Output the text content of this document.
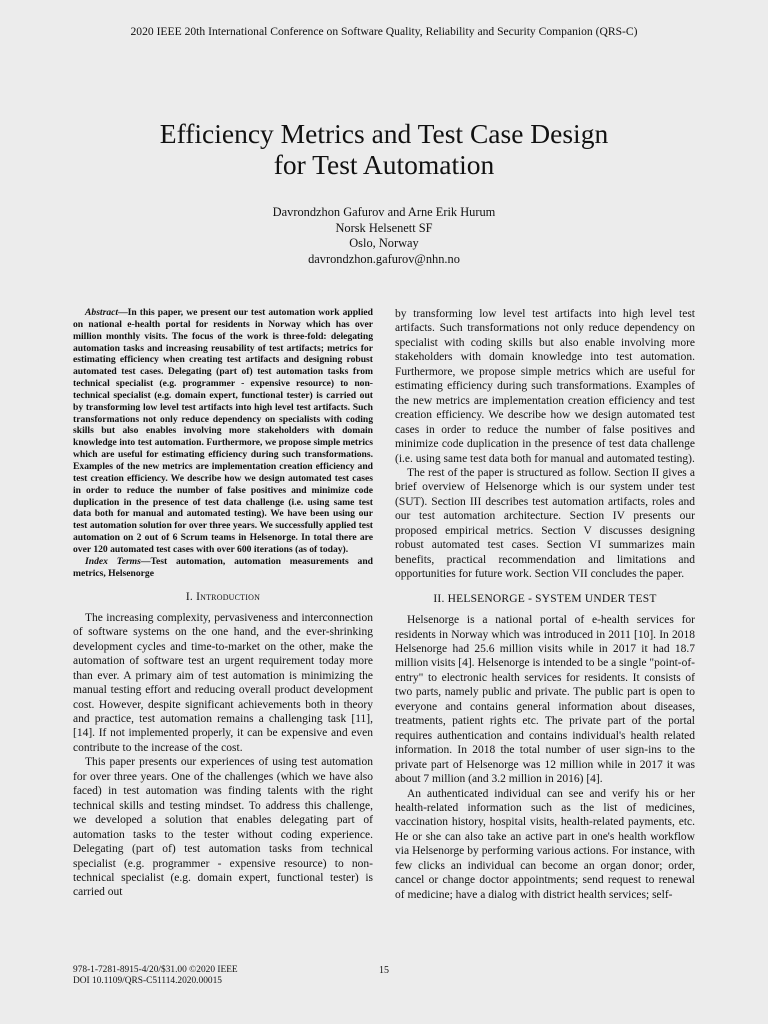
2020 IEEE 20th International Conference on Software Quality, Reliability and Security Companion (QRS-C)
Efficiency Metrics and Test Case Design
for Test Automation
Davrondzhon Gafurov and Arne Erik Hurum
Norsk Helsenett SF
Oslo, Norway
davrondzhon.gafurov@nhn.no

Abstract—In this paper, we present our test automation work applied on national e-health portal for residents in Norway which has over million monthly visits. The focus of the work is three-fold: delegating automation tasks and increasing reusability of test artifacts; metrics for estimating efficiency when creating test artifacts and designing robust automated test cases. Delegating (part of) test automation tasks from technical specialist (e.g. programmer - expensive resource) to non-technical specialist (e.g. domain expert, functional tester) is carried out by transforming low level test artifacts into high level test artifacts. Such transformations not only reduce dependency on specialists with coding skills but also enables involving more stakeholders with domain knowledge into test automation. Furthermore, we propose simple metrics which are useful for estimating efficiency during such transformations. Examples of the new metrics are implementation creation efficiency and test creation efficiency. We describe how we design automated test cases in order to reduce the number of false positives and minimize code duplication in the presence of test data challenge (i.e. using same test data both for manual and automated testing). We have been using our test automation solution for over three years. We successfully applied test automation on 2 out of 6 Scrum teams in Helsenorge. In total there are over 120 automated test cases with over 600 iterations (as of today).

Index Terms—Test automation, automation measurements and metrics, Helsenorge

I. Introduction

The increasing complexity, pervasiveness and interconnection of software systems on the one hand, and the ever-shrinking development cycles and time-to-market on the other, make the automation of software test an urgent requirement today more than ever. A primary aim of test automation is minimizing the manual testing effort and reducing overall product development cost. However, despite significant achievements both in theory and practice, test automation remains a challenging task [11], [14]. If not implemented properly, it can be expensive and even contribute to the increase of the cost.

This paper presents our experiences of using test automation for over three years. One of the challenges (which we have also faced) in test automation was finding talents with the right technical skills and testing mindset. To address this challenge, we developed a solution that enables delegating part of automation tasks to the tester without coding experience. Delegating (part of) test automation tasks from technical specialist (e.g. programmer - expensive resource) to non-technical specialist (e.g. domain expert, functional tester) is carried out

by transforming low level test artifacts into high level test artifacts. Such transformations not only reduce dependency on specialist with coding skills but also enable involving more stakeholders with domain knowledge into test automation. Furthermore, we propose simple metrics which are useful for estimating efficiency during such transformations. Examples of the new metrics are implementation creation efficiency and test creation efficiency. We describe how we design automated test cases in order to reduce the number of false positives and minimize code duplication in the presence of test data challenge (i.e. using same test data both for manual and automated testing).

The rest of the paper is structured as follow. Section II gives a brief overview of Helsenorge which is our system under test (SUT). Section III describes test automation artifacts, roles and our test automation architecture. Section IV presents our proposed empirical metrics. Section V discusses designing robust automated test cases. Section VI summarizes main benefits, practical recommendation and limitations and opportunities for future work. Section VII concludes the paper.

II. HELSENORGE - SYSTEM UNDER TEST

Helsenorge is a national portal of e-health services for residents in Norway which was introduced in 2011 [10]. In 2018 Helsenorge had 25.6 million visits while in 2017 it had 18.7 million visits [4]. Helsenorge is intended to be a single "point-of-entry" to electronic health services for residents. It consists of two parts, namely public and private. The public part is open to everyone and contains general information about diseases, treatments, patient rights etc. The private part of the portal requires authentication and contains individual's health related information. In 2018 the total number of user sign-ins to the private part of Helsenorge was 12 million while in 2017 it was about 7 million (and 3.2 million in 2016) [4].

An authenticated individual can see and verify his or her health-related information such as the list of medicines, vaccination history, hospital visits, health-related payments, etc. He or she can also take an active part in one's health workflow via Helsenorge by performing various actions. For instance, with few clicks an individual can become an organ donor; order, cancel or change doctor appointments; send request to renewal of medicine; have a dialog with district health services; self-

978-1-7281-8915-4/20/$31.00 ©2020 IEEE
DOI 10.1109/QRS-C51114.2020.00015
15
